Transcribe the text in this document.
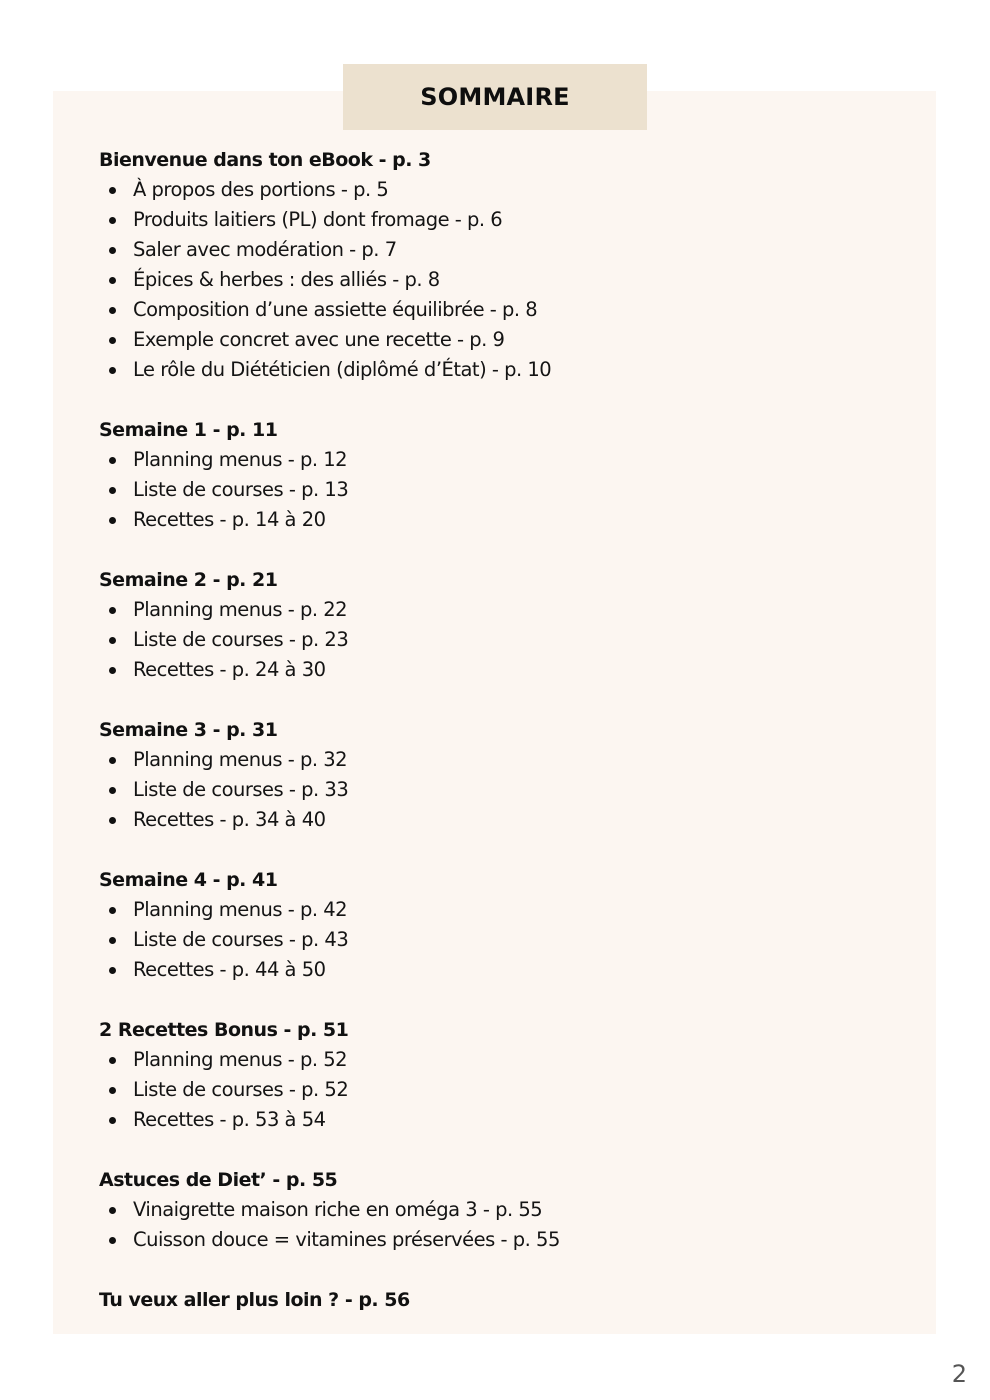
SOMMAIRE
Bienvenue dans ton eBook - p. 3
À propos des portions - p. 5
Produits laitiers (PL) dont fromage - p. 6
Saler avec modération - p. 7
Épices & herbes : des alliés - p. 8
Composition d’une assiette équilibrée - p. 8
Exemple concret avec une recette - p. 9
Le rôle du Diététicien (diplômé d’État) - p. 10
Semaine 1 - p. 11
Planning menus - p. 12
Liste de courses - p. 13
Recettes - p. 14 à 20
Semaine 2 - p. 21
Planning menus - p. 22
Liste de courses - p. 23
Recettes - p. 24 à 30
Semaine 3 - p. 31
Planning menus - p. 32
Liste de courses - p. 33
Recettes - p. 34 à 40
Semaine 4 - p. 41
Planning menus - p. 42
Liste de courses - p. 43
Recettes - p. 44 à 50
2 Recettes Bonus - p. 51
Planning menus - p. 52
Liste de courses - p. 52
Recettes - p. 53 à 54
Astuces de Diet’ - p. 55
Vinaigrette maison riche en oméga 3 - p. 55
Cuisson douce = vitamines préservées - p. 55
Tu veux aller plus loin ? - p. 56
2
